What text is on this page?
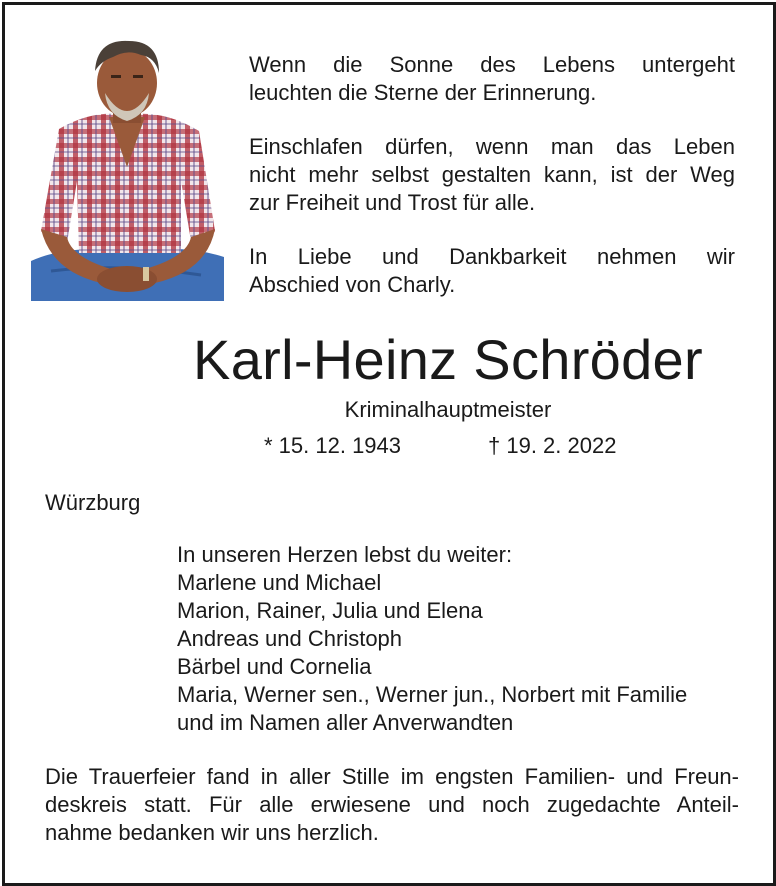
Wenn die Sonne des Lebens untergeht
leuchten die Sterne der Erinnerung.
Einschlafen dürfen, wenn man das Leben
nicht mehr selbst gestalten kann, ist der Weg
zur Freiheit und Trost für alle.
In Liebe und Dankbarkeit nehmen wir
Abschied von Charly.
Karl-Heinz Schröder
Kriminalhauptmeister
* 15. 12. 1943	† 19. 2. 2022
Würzburg
In unseren Herzen lebst du weiter:
Marlene und Michael
Marion, Rainer, Julia und Elena
Andreas und Christoph
Bärbel und Cornelia
Maria, Werner sen., Werner jun., Norbert mit Familie
und im Namen aller Anverwandten
Die Trauerfeier fand in aller Stille im engsten Familien- und Freun-
deskreis statt. Für alle erwiesene und noch zugedachte Anteil-
nahme bedanken wir uns herzlich.
